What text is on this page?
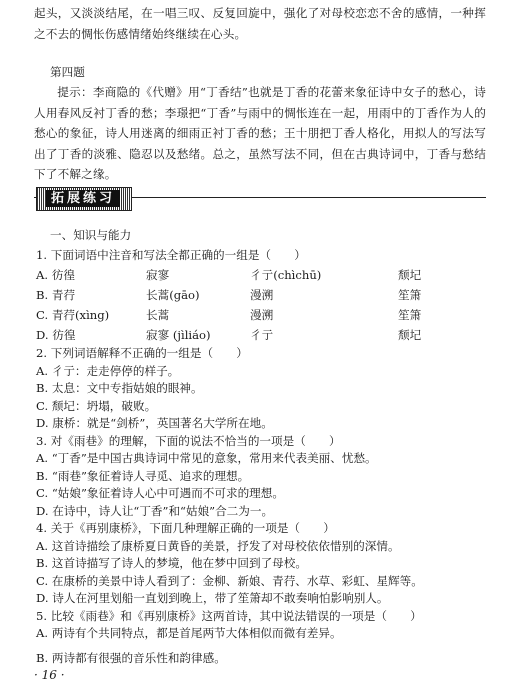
起头，又淡淡结尾，在一唱三叹、反复回旋中，强化了对母校恋恋不舍的感情，一种挥之不去的惆怅伤感情绪始终继续在心头。

第四题

提示：李商隐的《代赠》用“丁香结”也就是丁香的花蕾来象征诗中女子的愁心，诗人用春风反衬丁香的愁；李璟把“丁香”与雨中的惆怅连在一起，用雨中的丁香作为人的愁心的象征，诗人用迷离的细雨正衬丁香的愁；王十朋把丁香人格化，用拟人的写法写出了丁香的淡雅、隐忍以及愁绪。总之，虽然写法不同，但在古典诗词中，丁香与愁结下了不解之缘。

拓展练习
一、知识与能力
1. 下面词语中注音和写法全都正确的一组是（　　）
A. 彷徨	寂寥	彳亍(chìchū)	颓圮
B. 青荇	长蒿(gāo)	漫溯	笙箫
C. 青荇(xìng)	长蒿	漫溯	笙箫
D. 彷徨	寂寥 (jìliáo)	彳亍	颓圮
2. 下列词语解释不正确的一组是（　　）
A. 彳亍：走走停停的样子。
B. 太息：文中专指姑娘的眼神。
C. 颓圮：坍塌，破败。
D. 康桥：就是“剑桥”，英国著名大学所在地。
3. 对《雨巷》的理解，下面的说法不恰当的一项是（　　）
A. “丁香”是中国古典诗词中常见的意象，常用来代表美丽、忧愁。
B. “雨巷”象征着诗人寻觅、追求的理想。
C. “姑娘”象征着诗人心中可遇而不可求的理想。
D. 在诗中，诗人让“丁香”和“姑娘”合二为一。
4. 关于《再别康桥》，下面几种理解正确的一项是（　　）
A. 这首诗描绘了康桥夏日黄昏的美景，抒发了对母校依依惜别的深情。
B. 这首诗描写了诗人的梦境，他在梦中回到了母校。
C. 在康桥的美景中诗人看到了：金柳、新娘、青荇、水草、彩虹、星辉等。
D. 诗人在河里划船一直划到晚上，带了笙箫却不敢奏响怕影响别人。
5. 比较《雨巷》和《再别康桥》这两首诗，其中说法错误的一项是（　　）
A. 两诗有个共同特点，都是首尾两节大体相似而微有差异。
B. 两诗都有很强的音乐性和韵律感。
· 16 ·
